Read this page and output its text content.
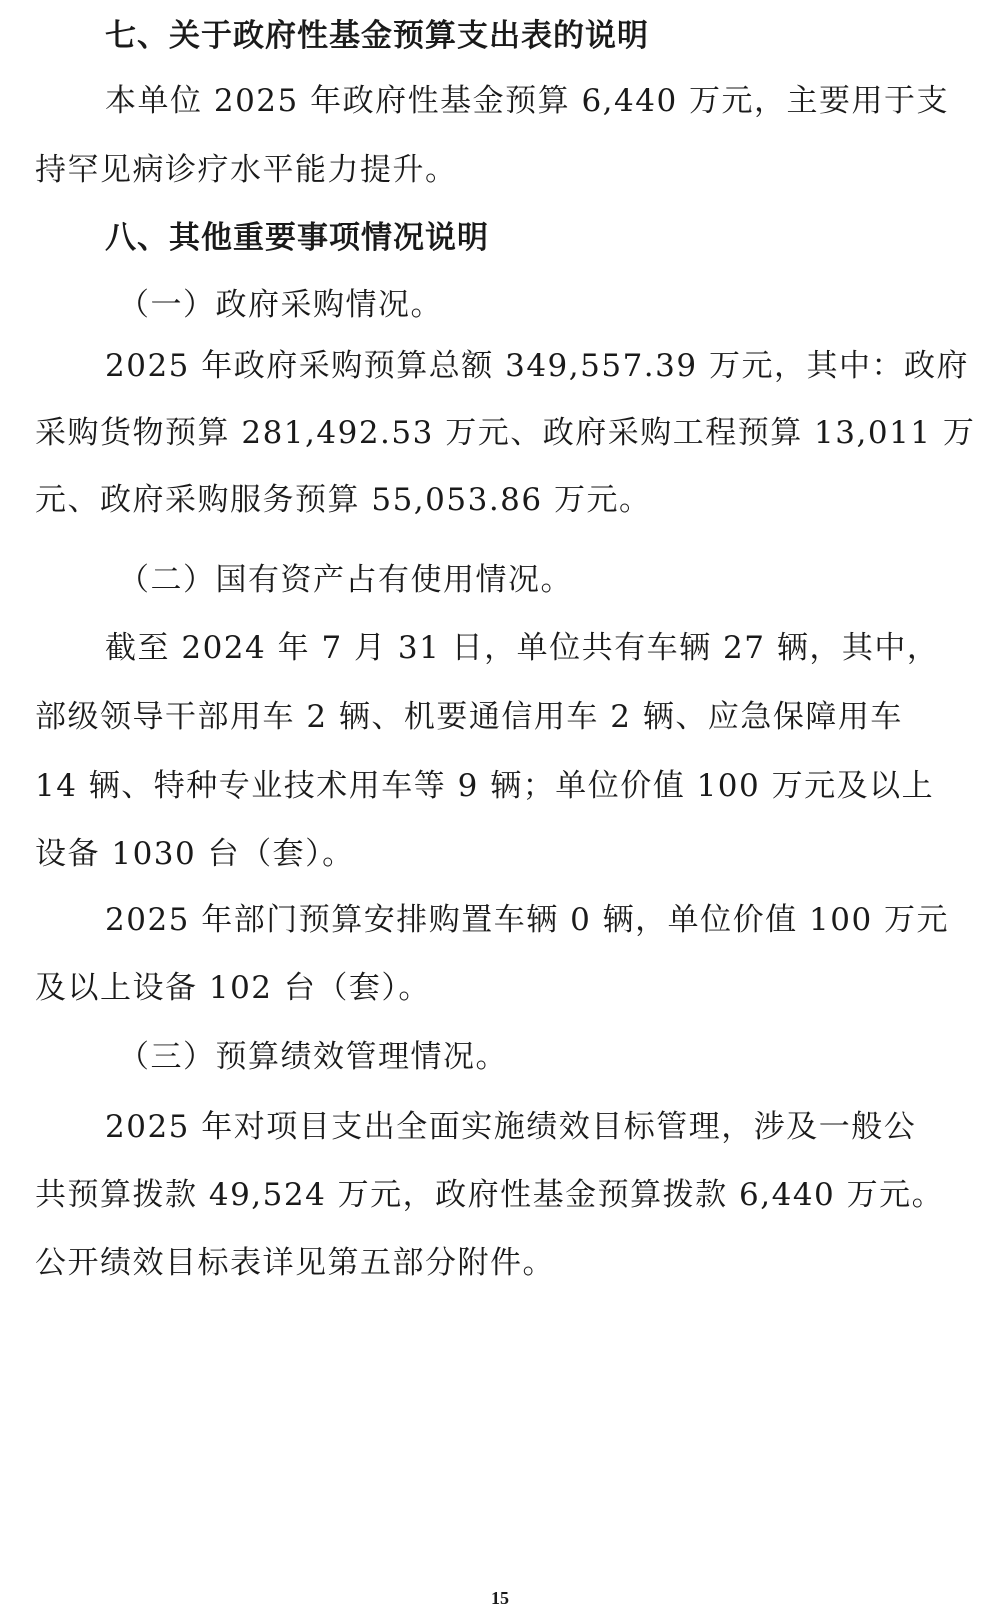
七、关于政府性基金预算支出表的说明
本单位 2025 年政府性基金预算 6,440 万元，主要用于支
持罕见病诊疗水平能力提升。
八、其他重要事项情况说明
（一）政府采购情况。
2025 年政府采购预算总额 349,557.39 万元，其中：政府
采购货物预算 281,492.53 万元、政府采购工程预算 13,011 万
元、政府采购服务预算 55,053.86 万元。
（二）国有资产占有使用情况。
截至 2024 年 7 月 31 日，单位共有车辆 27 辆，其中，
部级领导干部用车 2 辆、机要通信用车 2 辆、应急保障用车
14 辆、特种专业技术用车等 9 辆；单位价值 100 万元及以上
设备 1030 台（套）。
2025 年部门预算安排购置车辆 0 辆，单位价值 100 万元
及以上设备 102 台（套）。
（三）预算绩效管理情况。
2025 年对项目支出全面实施绩效目标管理，涉及一般公
共预算拨款 49,524 万元，政府性基金预算拨款 6,440 万元。
公开绩效目标表详见第五部分附件。
15
